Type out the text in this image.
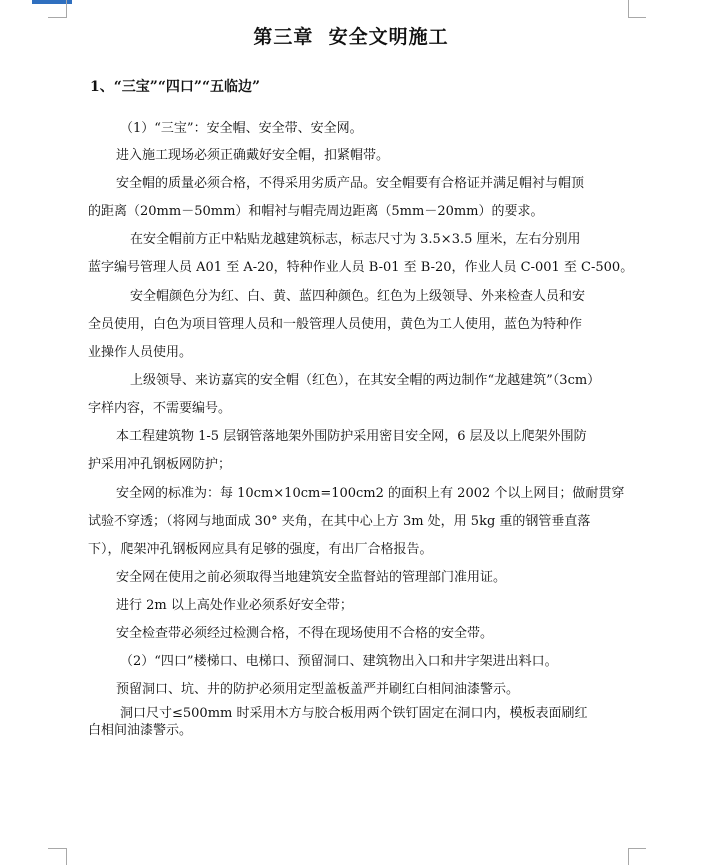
第三章  安全文明施工
1、“三宝”“四口”“五临边”
（1）“三宝”：安全帽、安全带、安全网。
进入施工现场必须正确戴好安全帽，扣紧帽带。
安全帽的质量必须合格，不得采用劣质产品。安全帽要有合格证并满足帽衬与帽顶
的距离（20mm－50mm）和帽衬与帽壳周边距离（5mm－20mm）的要求。
在安全帽前方正中粘贴龙越建筑标志，标志尺寸为 3.5×3.5 厘米，左右分别用
蓝字编号管理人员 A01 至 A-20，特种作业人员 B-01 至 B-20，作业人员 C-001 至 C-500。
安全帽颜色分为红、白、黄、蓝四种颜色。红色为上级领导、外来检查人员和安
全员使用，白色为项目管理人员和一般管理人员使用，黄色为工人使用，蓝色为特种作
业操作人员使用。
上级领导、来访嘉宾的安全帽（红色），在其安全帽的两边制作“龙越建筑”（3cm）
字样内容，不需要编号。
本工程建筑物 1-5 层钢管落地架外围防护采用密目安全网，6 层及以上爬架外围防
护采用冲孔钢板网防护；
安全网的标准为：每 10cm×10cm=100cm2 的面积上有 2002 个以上网目；做耐贯穿
试验不穿透；（将网与地面成 30° 夹角，在其中心上方 3m 处，用 5kg 重的钢管垂直落
下），爬架冲孔钢板网应具有足够的强度，有出厂合格报告。
安全网在使用之前必须取得当地建筑安全监督站的管理部门准用证。
进行 2m 以上高处作业必须系好安全带；
安全检查带必须经过检测合格，不得在现场使用不合格的安全带。
（2）“四口”楼梯口、电梯口、预留洞口、建筑物出入口和井字架进出料口。
预留洞口、坑、井的防护必须用定型盖板盖严并刷红白相间油漆警示。
洞口尺寸≤500mm 时采用木方与胶合板用两个铁钉固定在洞口内，模板表面刷红
白相间油漆警示。
